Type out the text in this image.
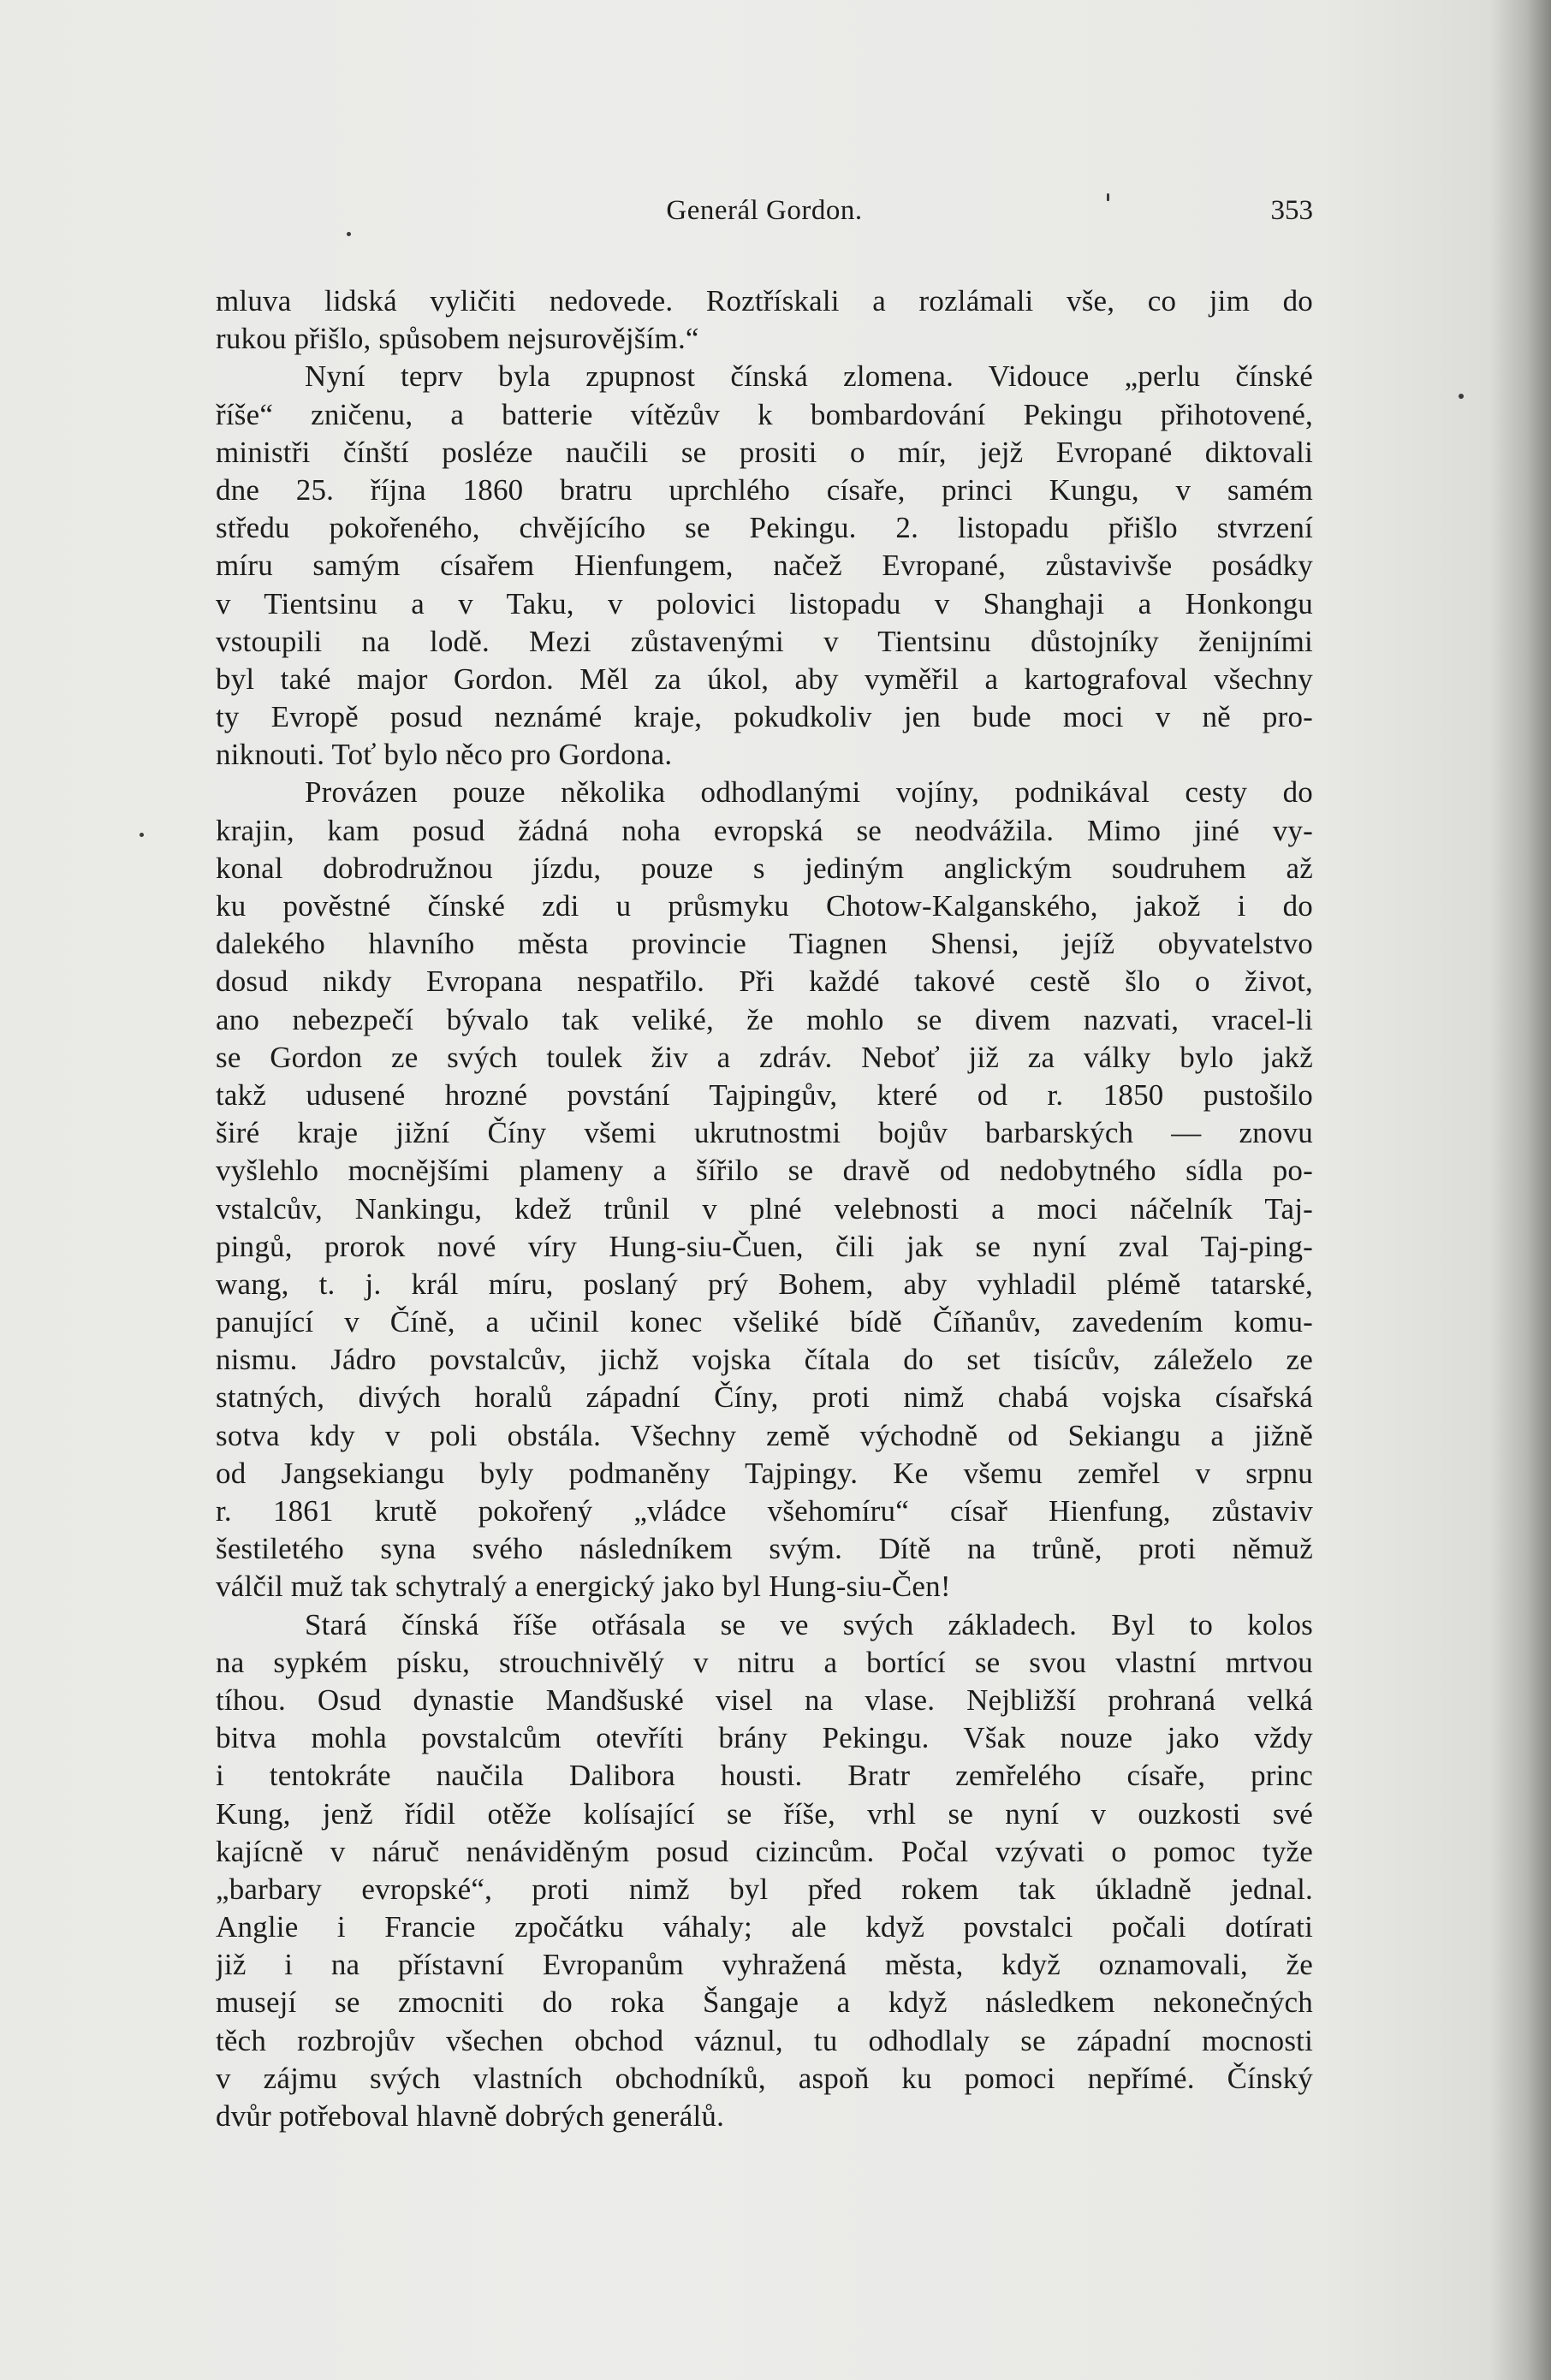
Generál Gordon.	353
mluva lidská vyličiti nedovede. Roztřískali a rozlámali vše, co jim do
rukou přišlo, spůsobem nejsurovějším.“
Nyní teprv byla zpupnost čínská zlomena. Vidouce „perlu čínské
říše“ zničenu, a batterie vítězův k bombardování Pekingu přihotovené,
ministři čínští posléze naučili se prositi o mír, jejž Evropané diktovali
dne 25. října 1860 bratru uprchlého císaře, princi Kungu, v samém
středu pokořeného, chvějícího se Pekingu. 2. listopadu přišlo stvrzení
míru samým císařem Hienfungem, načež Evropané, zůstavivše posádky
v Tientsinu a v Taku, v polovici listopadu v Shanghaji a Honkongu
vstoupili na lodě. Mezi zůstavenými v Tientsinu důstojníky ženijními
byl také major Gordon. Měl za úkol, aby vyměřil a kartografoval všechny
ty Evropě posud neznámé kraje, pokudkoliv jen bude moci v ně pro-
niknouti. Toť bylo něco pro Gordona.
Provázen pouze několika odhodlanými vojíny, podnikával cesty do
krajin, kam posud žádná noha evropská se neodvážila. Mimo jiné vy-
konal dobrodružnou jízdu, pouze s jediným anglickým soudruhem až
ku pověstné čínské zdi u průsmyku Chotow-Kalganského, jakož i do
dalekého hlavního města provincie Tiagnen Shensi, jejíž obyvatelstvo
dosud nikdy Evropana nespatřilo. Při každé takové cestě šlo o život,
ano nebezpečí bývalo tak veliké, že mohlo se divem nazvati, vracel-li
se Gordon ze svých toulek živ a zdráv. Neboť již za války bylo jakž
takž udusené hrozné povstání Tajpingův, které od r. 1850 pustošilo
širé kraje jižní Číny všemi ukrutnostmi bojův barbarských — znovu
vyšlehlo mocnějšími plameny a šířilo se dravě od nedobytného sídla po-
vstalcův, Nankingu, kdež trůnil v plné velebnosti a moci náčelník Taj-
pingů, prorok nové víry Hung-siu-Čuen, čili jak se nyní zval Taj-ping-
wang, t. j. král míru, poslaný prý Bohem, aby vyhladil plémě tatarské,
panující v Číně, a učinil konec všeliké bídě Číňanův, zavedením komu-
nismu. Jádro povstalcův, jichž vojska čítala do set tisícův, záleželo ze
statných, divých horalů západní Číny, proti nimž chabá vojska císařská
sotva kdy v poli obstála. Všechny země východně od Sekiangu a jižně
od Jangsekiangu byly podmaněny Tajpingy. Ke všemu zemřel v srpnu
r. 1861 krutě pokořený „vládce všehomíru“ císař Hienfung, zůstaviv
šestiletého syna svého následníkem svým. Dítě na trůně, proti němuž
válčil muž tak schytralý a energický jako byl Hung-siu-Čen!
Stará čínská říše otřásala se ve svých základech. Byl to kolos
na sypkém písku, strouchnivělý v nitru a bortící se svou vlastní mrtvou
tíhou. Osud dynastie Mandšuské visel na vlase. Nejbližší prohraná velká
bitva mohla povstalcům otevříti brány Pekingu. Však nouze jako vždy
i tentokráte naučila Dalibora housti. Bratr zemřelého císaře, princ
Kung, jenž řídil otěže kolísající se říše, vrhl se nyní v ouzkosti své
kajícně v náruč nenáviděným posud cizincům. Počal vzývati o pomoc tyže
„barbary evropské“, proti nimž byl před rokem tak úkladně jednal.
Anglie i Francie zpočátku váhaly; ale když povstalci počali dotírati
již i na přístavní Evropanům vyhražená města, když oznamovali, že
musejí se zmocniti do roka Šangaje a když následkem nekonečných
těch rozbrojův všechen obchod váznul, tu odhodlaly se západní mocnosti
v zájmu svých vlastních obchodníků, aspoň ku pomoci nepřímé. Čínský
dvůr potřeboval hlavně dobrých generálů.
